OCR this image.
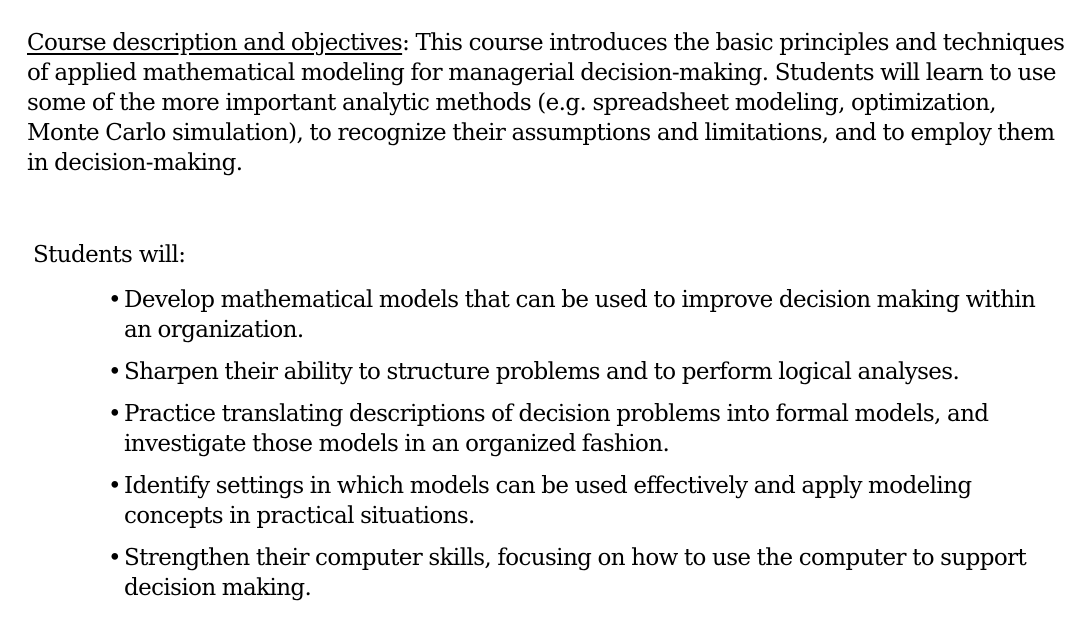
Course description and objectives: This course introduces the basic principles and techniques of applied mathematical modeling for managerial decision-making. Students will learn to use some of the more important analytic methods (e.g. spreadsheet modeling, optimization, Monte Carlo simulation), to recognize their assumptions and limitations, and to employ them in decision-making.

Students will:

• Develop mathematical models that can be used to improve decision making within an organization.
• Sharpen their ability to structure problems and to perform logical analyses.
• Practice translating descriptions of decision problems into formal models, and investigate those models in an organized fashion.
• Identify settings in which models can be used effectively and apply modeling concepts in practical situations.
• Strengthen their computer skills, focusing on how to use the computer to support decision making.
